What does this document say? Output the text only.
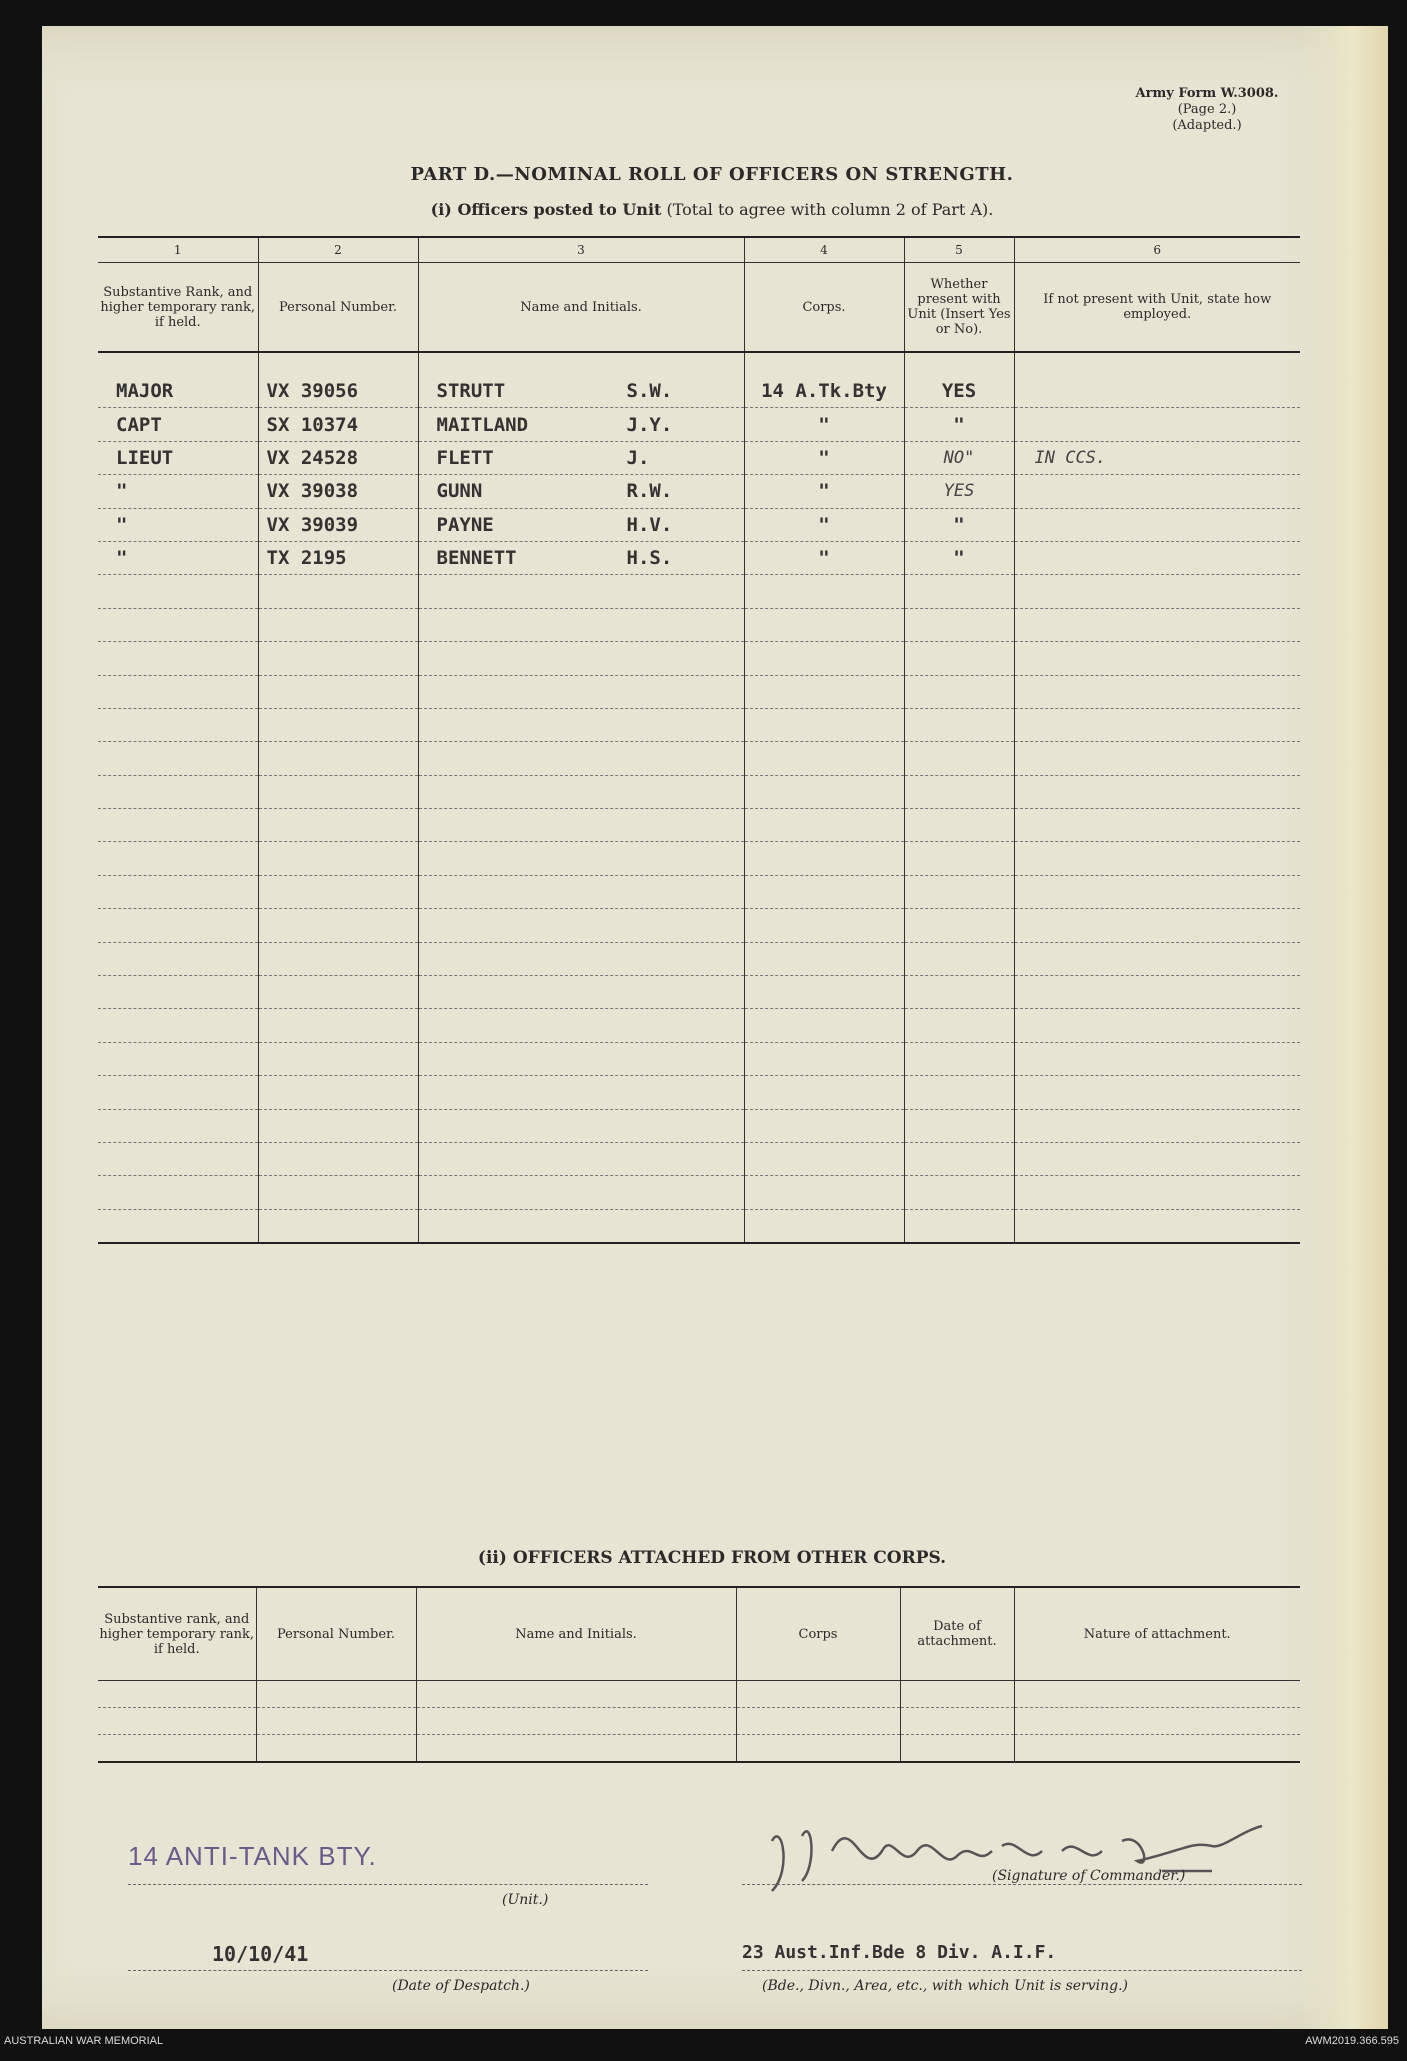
Army Form W.3008.
(Page 2.)
(Adapted.)
PART D.—NOMINAL ROLL OF OFFICERS ON STRENGTH.
(i) Officers posted to Unit (Total to agree with column 2 of Part A).
1	2	3	4	5	6
Substantive Rank, and higher temporary rank, if held.	Personal Number.	Name and Initials.	Corps.	Whether present with Unit (Insert Yes or No).	If not present with Unit, state how employed.

MAJOR	VX 39056	STRUTT S.W.	14 A.Tk.Bty	YES	
CAPT	SX 10374	MAITLAND J.Y.	"	"	
LIEUT	VX 24528	FLETT J.	"	NO"	IN CCS.
"	VX 39038	GUNN R.W.	"	YES	
"	VX 39039	PAYNE H.V.	"	"	
"	TX 2195	BENNETT H.S.	"	"	

(ii) OFFICERS ATTACHED FROM OTHER CORPS.
Substantive rank, and higher temporary rank, if held.	Personal Number.	Name and Initials.	Corps	Date of attachment.	Nature of attachment.

14 ANTI-TANK BTY.
(Unit.)
10/10/41
(Date of Despatch.)
(Signature of Commander.)
23 Aust.Inf.Bde 8 Div. A.I.F.
(Bde., Divn., Area, etc., with which Unit is serving.)
AUSTRALIAN WAR MEMORIAL	AWM2019.366.595
